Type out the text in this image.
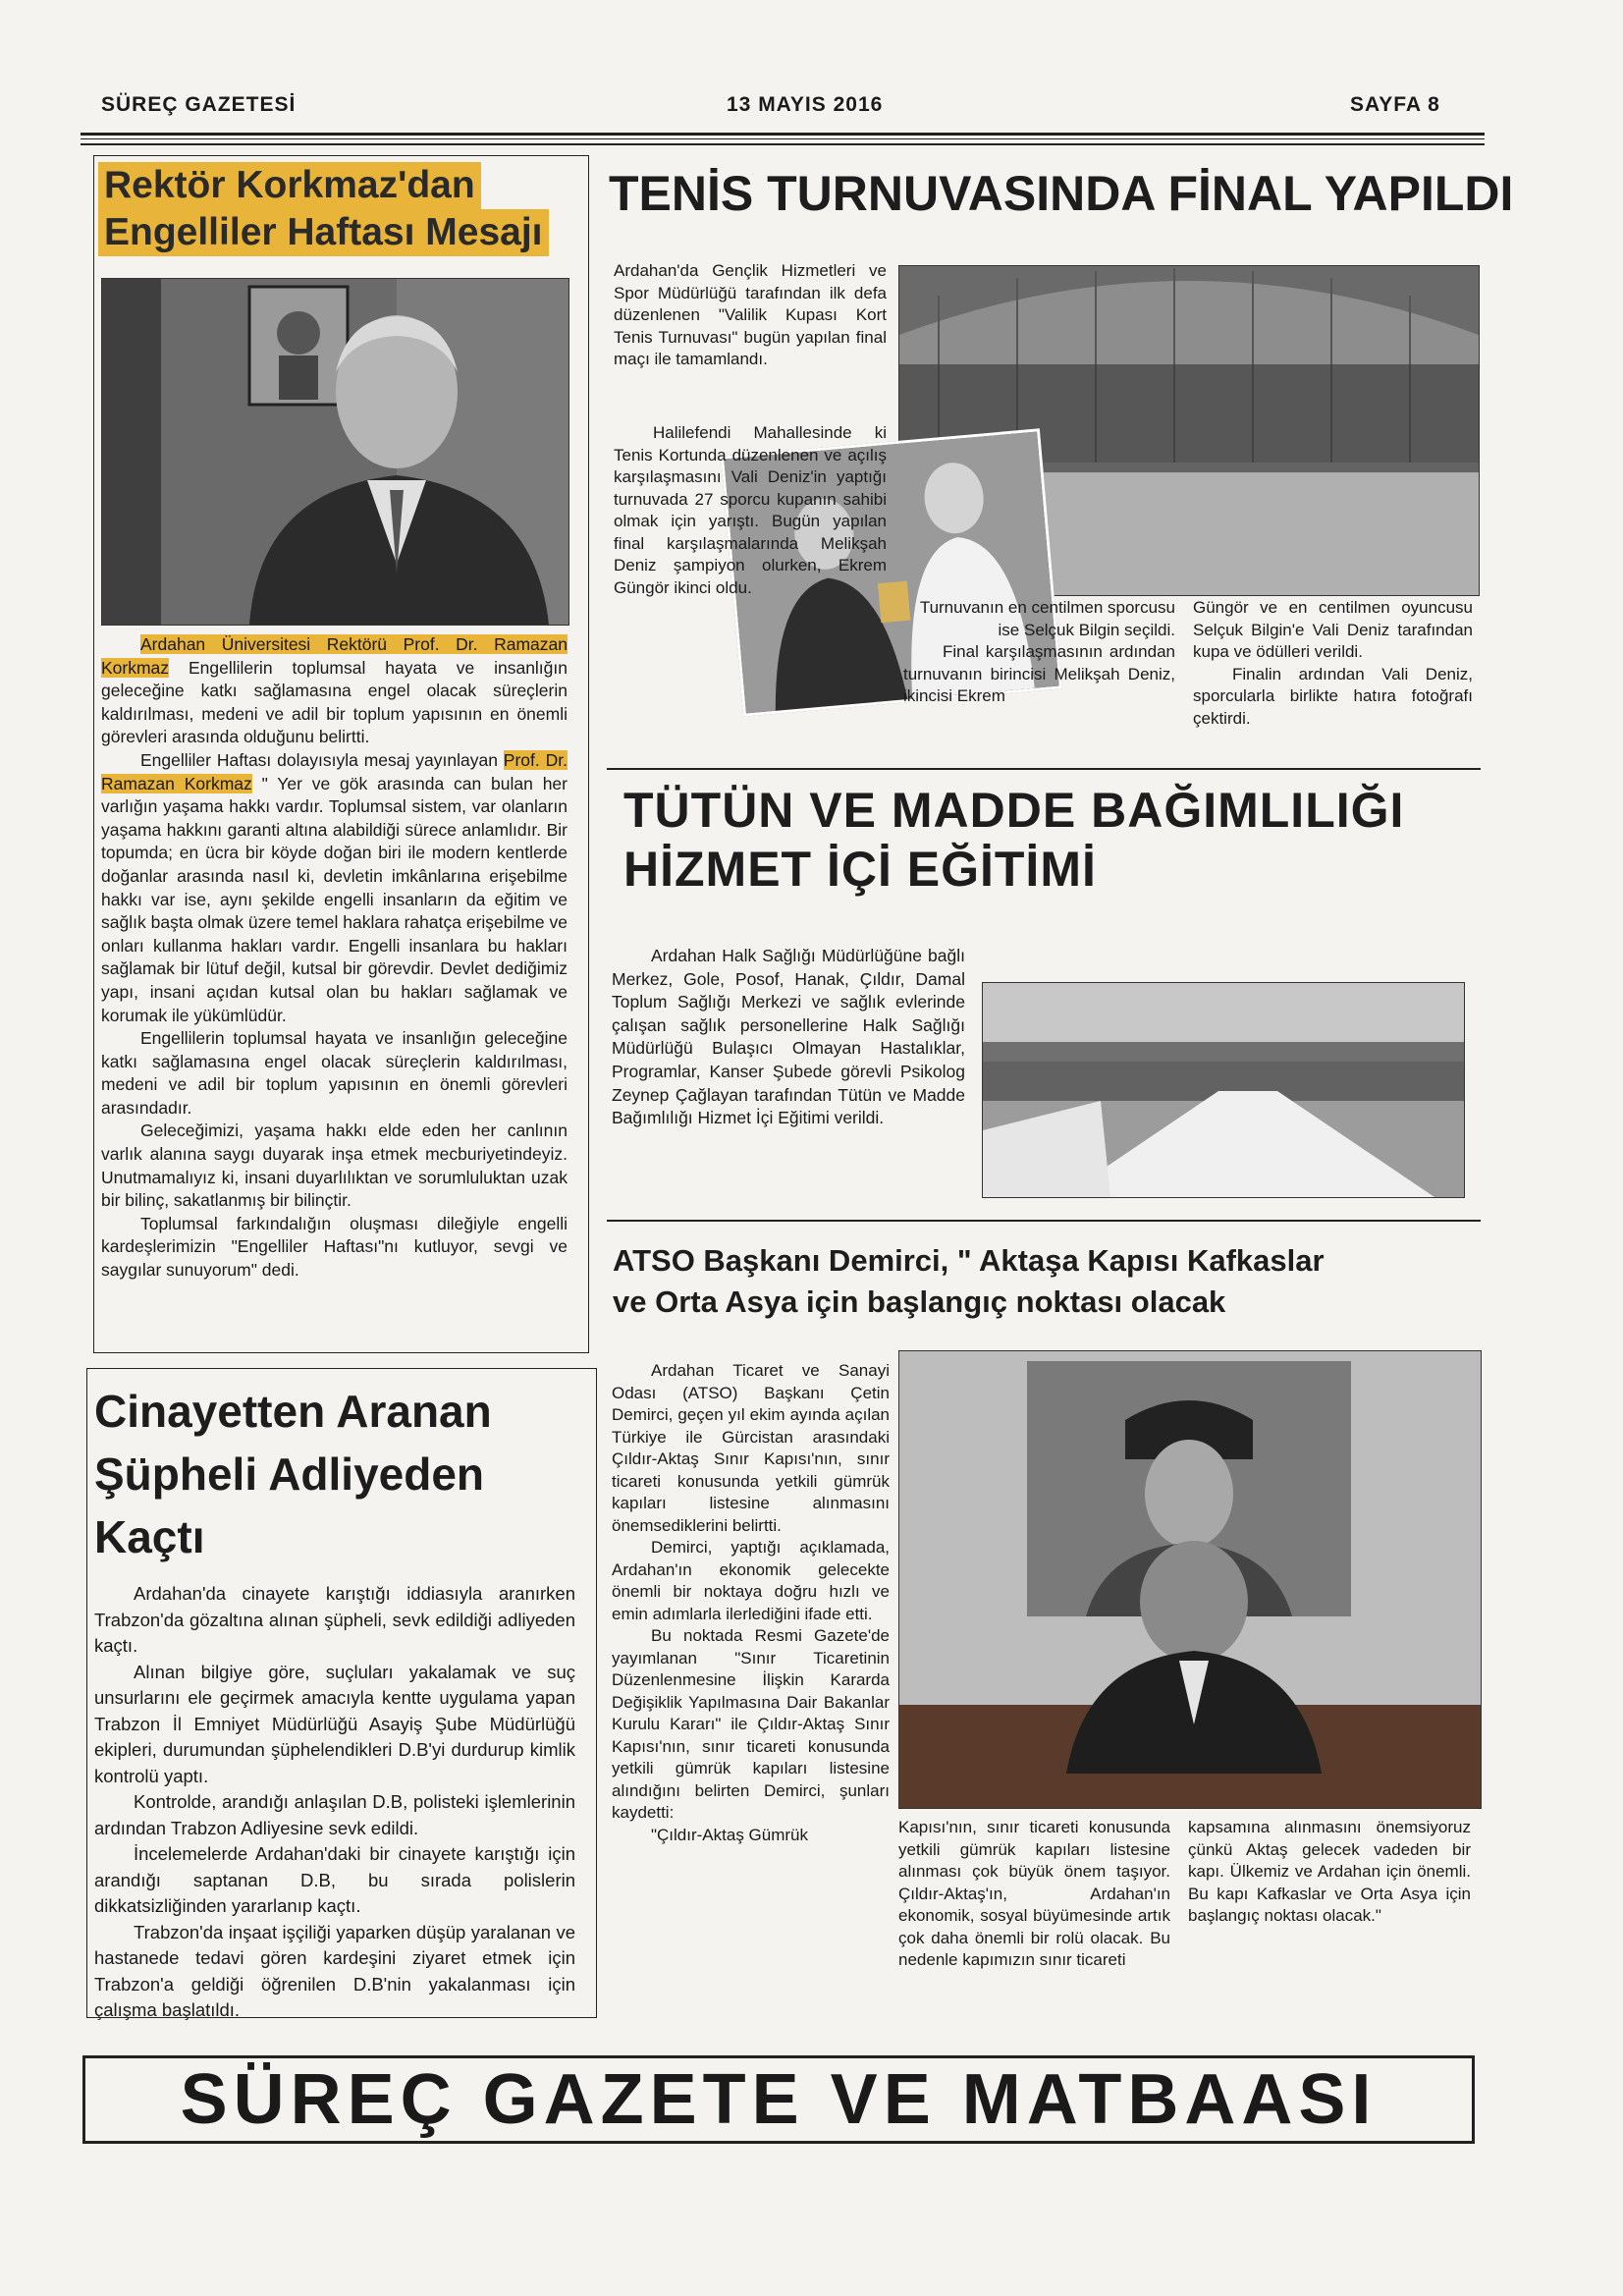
SÜREÇ GAZETESİ	13 MAYIS 2016	SAYFA 8
Rektör Korkmaz'dan
Engelliler Haftası Mesajı

Ardahan Üniversitesi Rektörü Prof. Dr. Ramazan Korkmaz Engellilerin toplumsal hayata ve insanlığın geleceğine katkı sağlamasına engel olacak süreçlerin kaldırılması, medeni ve adil bir toplum yapısının en önemli görevleri arasında olduğunu belirtti.

Engelliler Haftası dolayısıyla mesaj yayınlayan Prof. Dr. Ramazan Korkmaz " Yer ve gök arasında can bulan her varlığın yaşama hakkı vardır. Toplumsal sistem, var olanların yaşama hakkını garanti altına alabildiği sürece anlamlıdır. Bir topumda; en ücra bir köyde doğan biri ile modern kentlerde doğanlar arasında nasıl ki, devletin imkânlarına erişebilme hakkı var ise, aynı şekilde engelli insanların da eğitim ve sağlık başta olmak üzere temel haklara rahatça erişebilme ve onları kullanma hakları vardır. Engelli insanlara bu hakları sağlamak bir lütuf değil, kutsal bir görevdir. Devlet dediğimiz yapı, insani açıdan kutsal olan bu hakları sağlamak ve korumak ile yükümlüdür.

Engellilerin toplumsal hayata ve insanlığın geleceğine katkı sağlamasına engel olacak süreçlerin kaldırılması, medeni ve adil bir toplum yapısının en önemli görevleri arasındadır.

Geleceğimizi, yaşama hakkı elde eden her canlının varlık alanına saygı duyarak inşa etmek mecburiyetindeyiz. Unutmamalıyız ki, insani duyarlılıktan ve sorumluluktan uzak bir bilinç, sakatlanmış bir bilinçtir.

Toplumsal farkındalığın oluşması dileğiyle engelli kardeşlerimizin "Engelliler Haftası"nı kutluyor, sevgi ve saygılar sunuyorum" dedi.

Cinayetten Aranan Şüpheli Adliyeden Kaçtı

Ardahan'da cinayete karıştığı iddiasıyla aranırken Trabzon'da gözaltına alınan şüpheli, sevk edildiği adliyeden kaçtı.

Alınan bilgiye göre, suçluları yakalamak ve suç unsurlarını ele geçirmek amacıyla kentte uygulama yapan Trabzon İl Emniyet Müdürlüğü Asayiş Şube Müdürlüğü ekipleri, durumundan şüphelendikleri D.B'yi durdurup kimlik kontrolü yaptı.

Kontrolde, arandığı anlaşılan D.B, polisteki işlemlerinin ardından Trabzon Adliyesine sevk edildi.

İncelemelerde Ardahan'daki bir cinayete karıştığı için arandığı saptanan D.B, bu sırada polislerin dikkatsizliğinden yararlanıp kaçtı.

Trabzon'da inşaat işçiliği yaparken düşüp yaralanan ve hastanede tedavi gören kardeşini ziyaret etmek için Trabzon'a geldiği öğrenilen D.B'nin yakalanması için çalışma başlatıldı.

TENİS TURNUVASINDA FİNAL YAPILDI

Ardahan'da Gençlik Hizmetleri ve Spor Müdürlüğü tarafından ilk defa düzenlenen "Valilik Kupası Kort Tenis Turnuvası" bugün yapılan final maçı ile tamamlandı.

Halilefendi Mahallesinde ki Tenis Kortunda düzenlenen ve açılış karşılaşmasını Vali Deniz'in yaptığı turnuvada 27 sporcu kupanın sahibi olmak için yarıştı. Bugün yapılan final karşılaşmalarında Melikşah Deniz şampiyon olurken, Ekrem Güngör ikinci oldu.

Turnuvanın en centilmen sporcusu ise Selçuk Bilgin seçildi.

Final karşılaşmasının ardından turnuvanın birincisi Melikşah Deniz, ikincisi Ekrem

Güngör ve en centilmen oyuncusu Selçuk Bilgin'e Vali Deniz tarafından kupa ve ödülleri verildi.

Finalin ardından Vali Deniz, sporcularla birlikte hatıra fotoğrafı çektirdi.

TÜTÜN VE MADDE BAĞIMLILIĞI
HİZMET İÇİ EĞİTİMİ

Ardahan Halk Sağlığı Müdürlüğüne bağlı Merkez, Gole, Posof, Hanak, Çıldır, Damal Toplum Sağlığı Merkezi ve sağlık evlerinde çalışan sağlık personellerine Halk Sağlığı Müdürlüğü Bulaşıcı Olmayan Hastalıklar, Programlar, Kanser Şubede görevli Psikolog Zeynep Çağlayan tarafından Tütün ve Madde Bağımlılığı Hizmet İçi Eğitimi verildi.

ATSO Başkanı Demirci, " Aktaşa Kapısı Kafkaslar
ve Orta Asya için başlangıç noktası olacak

Ardahan Ticaret ve Sanayi Odası (ATSO) Başkanı Çetin Demirci, geçen yıl ekim ayında açılan Türkiye ile Gürcistan arasındaki Çıldır-Aktaş Sınır Kapısı'nın, sınır ticareti konusunda yetkili gümrük kapıları listesine alınmasını önemsediklerini belirtti.

Demirci, yaptığı açıklamada, Ardahan'ın ekonomik gelecekte önemli bir noktaya doğru hızlı ve emin adımlarla ilerlediğini ifade etti.

Bu noktada Resmi Gazete'de yayımlanan "Sınır Ticaretinin Düzenlenmesine İlişkin Kararda Değişiklik Yapılmasına Dair Bakanlar Kurulu Kararı" ile Çıldır-Aktaş Sınır Kapısı'nın, sınır ticareti konusunda yetkili gümrük kapıları listesine alındığını belirten Demirci, şunları kaydetti:

"Çıldır-Aktaş Gümrük	Kapısı'nın, sınır ticareti konusunda yetkili gümrük kapıları listesine alınması çok büyük önem taşıyor. Çıldır-Aktaş'ın, Ardahan'ın ekonomik, sosyal büyümesinde artık çok daha önemli bir rolü olacak. Bu nedenle kapımızın sınır ticareti

kapsamına alınmasını önemsiyoruz çünkü Aktaş gelecek vadeden bir kapı. Ülkemiz ve Ardahan için önemli. Bu kapı Kafkaslar ve Orta Asya için başlangıç noktası olacak."

SÜREÇ GAZETE VE MATBAASI
